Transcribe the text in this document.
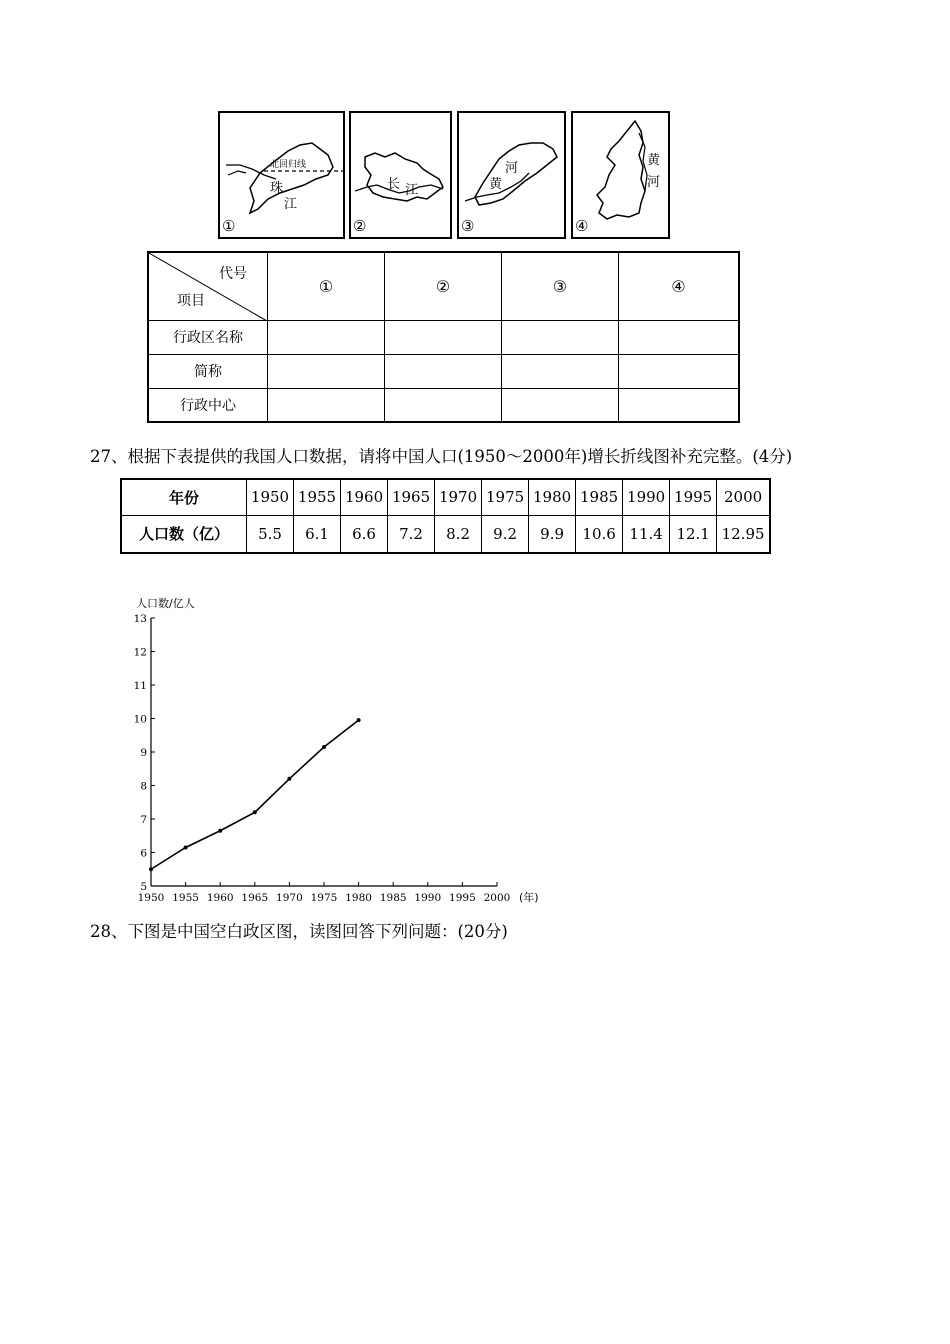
北回归线
珠
江
①
长 江
②
河
黄
③
黄
河
④
代号
项目	①	②	③	④
行政区名称				
简称				
行政中心				
27、根据下表提供的我国人口数据，请将中国人口(1950～2000年)增长折线图补充完整。(4分)
年份	1950	1955	1960	1965	1970	1975	1980	1985	1990	1995	2000
人口数（亿）	5.5	6.1	6.6	7.2	8.2	9.2	9.9	10.6	11.4	12.1	12.95
人口数/亿人
(年)
1950 1955 1960 1965 1970 1975 1980 1985 1990 1995 2000
5
6
7
8
9
10
11
12
13
28、下图是中国空白政区图，读图回答下列问题：(20分)
